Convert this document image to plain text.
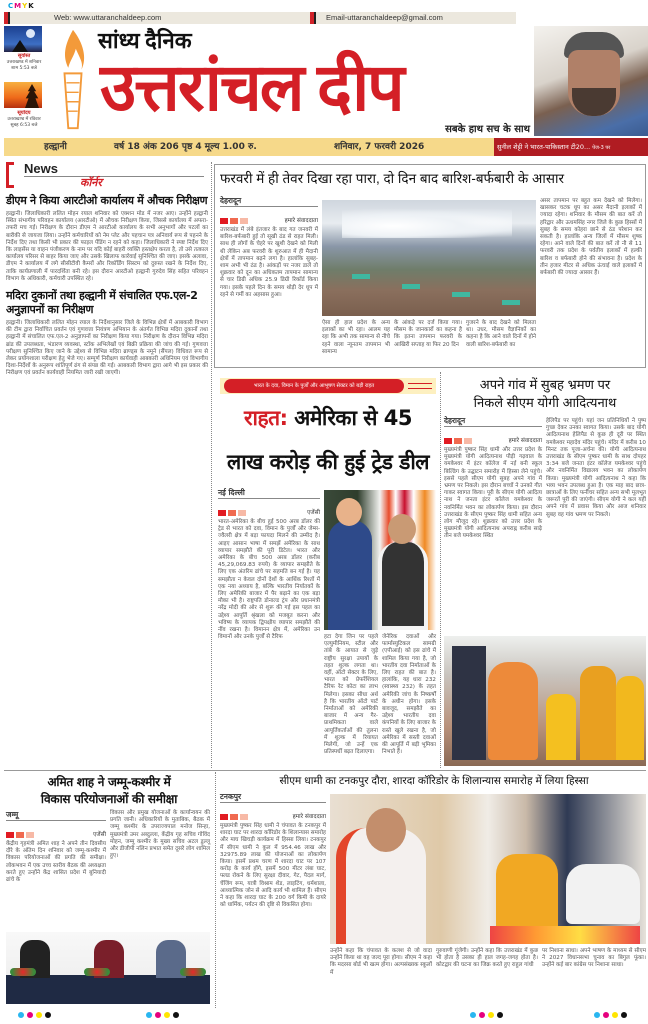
CMYK
Web: www.uttaranchaldeep.com	Email-uttaranchaldeep@gmail.com
सूर्यास्त
उत्तराखण्ड में शनिवार
शाम 5:53 बजे
सूर्योदय
उत्तराखण्ड में रविवार
सुबह 6:53 बजे
सांध्य दैनिक
उत्तरांचल दीप
सबके हाथ सच के साथ
हल्द्वानी	वर्ष 18 अंक 206 पृष्ठ 4 मूल्य 1.00 रु.	शनिवार, 7 फरवरी 2026	सुनील शेट्टी ने भारत-पाकिस्तान टी20... पेज-3 पर
News
कॉर्नर
डीएम ने किया आरटीओ कार्यालय में औचक निरीक्षण
हल्द्वानी। जिलाधिकारी ललित मोहन रयाल शनिवार को एक्शन मोड में नजर आए। उन्होंने हल्द्वानी स्थित संभागीय परिवहन कार्यालय (आरटीओ) में औचक निरीक्षण किया, जिससे कार्यालय में अफरा-तफरी मच गई। निरीक्षण के दौरान डीएम ने आरटीओ कार्यालय के सभी अनुभागों और पटलों का बारीकी से जायजा लिया। उन्होंने कर्मचारियों को नेम प्लेट और पहचान पत्र अनिवार्य रूप से पहनने के निर्देश दिए तथा किसी भी प्रकार की फाइल पेंडिंग न रहने को कहा। जिलाधिकारी ने स्पष्ट निर्देश दिए कि लाइसेंस या वाहन पंजीकरण के नाम पर यदि कोई बाहरी व्यक्ति हस्तक्षेप करता है, तो उसे तत्काल कार्यालय परिसर से बाहर किया जाए और उसके खिलाफ कार्रवाई सुनिश्चित की जाए। इसके अलावा, डीएम ने कार्यालय में लगे सीसीटीवी कैमरों और रिकॉर्डिंग सिस्टम को दुरुस्त रखने के निर्देश दिए, ताकि कार्यप्रणाली में पारदर्शिता बनी रहे। इस दौरान आरटीओ हल्द्वानी गुरुदेव सिंह सहित परिवहन विभाग के अधिकारी, कर्मचारी उपस्थित रहे।
मदिरा दुकानों तथा हल्द्वानी में संचालित एफ.एल-2 अनुज्ञापनों का निरीक्षण
हल्द्वानी। जिलाधिकारी ललित मोहन रयाल के निर्देशानुसार जिले के विभिन्न क्षेत्रों में आबकारी विभाग की टीम द्वारा निर्वाचित प्रवर्तन एवं गुणवत्ता नियंत्रण अभियान के अंतर्गत विभिन्न मदिरा दुकानों तथा हल्द्वानी में संचालित एफ.एल-2 अनुज्ञापनों का निरीक्षण किया गया। निरीक्षण के दौरान विभिन्न मदिरा ब्रांड की उपलब्धता, भंडारण व्यवस्था, स्टॉक अभिलेखों एवं बिक्री प्रक्रिया की जांच की गई। गुणवत्ता परीक्षण सुनिश्चित किए जाने के उद्देश्य से विभिन्न मदिरा ब्राण्ड्स के नमूने (सैंपल) विधिवत रूप से लेकर प्रयोगशाला परीक्षण हेतु भेजे गए। सम्पूर्ण निरीक्षण कार्यवाही आबकारी अधिनियम एवं विभागीय दिशा-निर्देशों के अनुरूप शांतिपूर्ण ढंग से संपन्न की गई। आबकारी विभाग द्वारा आगे भी इस प्रकार की निरीक्षण एवं प्रवर्तन कार्यवाही नियमित जारी रखी जाएगी।
फरवरी में ही तेवर दिखा रहा पारा, दो दिन बाद बारिश-बर्फबारी के आसार
देहरादून
हमारे संवाददाता
उत्तराखंड में लंबे इंतजार के बाद गत जनवरी में बारिश-बर्फबारी हुई तो सूखी ठंड से राहत मिली। साथ ही लोगों के चेहरे पर खुशी देखने को मिली थी लेकिन अब फरवरी के शुरुआत में ही मैदानी क्षेत्रों में तापमान बढ़ने लगा है। हालांकि सुबह-शाम अभी भी ठंड है। आंकड़ों पर नजर डालें तो शुक्रवार को दून का अधिकतम तापमान सामान्य से चार डिग्री अधिक 25.9 डिग्री रिकॉर्ड किया गया। इसके पहले दिन के समय थोड़ी देर धूप में रहने से गर्मी का अहसास हुआ।
असर तापमान पर बहुत कम देखने को मिलेगा। खासकर चटक धूप का असर मैदानी इलाकों में ज्यादा रहेगा। शनिवार के मौसम की बात करें तो हरिद्वार और ऊधमसिंह नगर जिले के कुछ हिस्सों में सुबह के समय कोहरा छाने से ठंड परेशान कर सकती है। हालांकि अन्य जिलों में मौसम शुष्क रहेगा। आने वाले दिनों की बात करें तो नौ से 11 फरवरी तक प्रदेश के पर्वतीय इलाकों में हल्की बारिश व बर्फबारी होने की संभावना है। प्रदेश के तीन हजार मीटर से अधिक ऊंचाई वाले इलाकों में बर्फबारी की ज्यादा आसार हैं।
ऐसा ही हाल प्रदेश के अन्य इलाकों का भी रहा। आलम यह रहा कि अभी तक सामान्य से नीचे रहने वाला न्यूनतम तापमान भी सामान्य
के आंकड़े पर दर्ज किया गया। मौसम के जानकारों का कहना है कि इतना तापमान फरवरी के आखिरी सप्ताह या फिर 20 दिन
गुजरने के बाद देखने को मिलता था। उधर, मौसम वैज्ञानिकों का कहना है कि आने वाले दिनों में होने वाली बारिश-बर्फबारी का
भारत के दवा, विमान के पुर्जों और आभूषण सेक्टर को बड़ी राहत
राहत: अमेरिका से 45
लाख करोड़ की हुई ट्रेड डील
नई दिल्ली
एजेंसी
भारत-अमेरिका के बीच हुई 500 अरब डॉलर की ट्रेड से भारत को दवा, विमान के पुर्जों और जेम्स-ज्वैलरी क्षेत्र में बड़ा फायदा मिलने की उम्मीद है। आइए आसान भाषा में समझें अमेरिका के साथ व्यापार समझौते की पूरी डिटेल। भारत और अमेरिका के बीच 500 अरब डॉलर (करीब 45,29,069.83 रुपये) के व्यापार समझौते के लिए एक अंतरिम ढांचे पर सहमति बन गई है। यह समझौता न केवल दोनों देशों के आर्थिक रिश्तों में एक नया अध्याय है, बल्कि भारतीय निर्यातकों के लिए अमेरिकी बाजार में पैर बढ़ाने का एक बड़ा मौका भी है। राष्ट्रपति डोनाल्ड ट्रंप और प्रधानमंत्री नरेंद्र मोदी की ओर से शुरू की गई इस पहल का उद्देश्य आपूर्ति श्रृंखला को मजबूत करना और भविष्य के व्यापक द्विपक्षीय व्यापार समझौते की नींव रखना है। विमानन क्षेत्र में, अमेरिका उन विमानों और उनके पुर्जों से टैरिफ	हटा देगा जिन पर पहले एल्युमीनियम, स्टील और तांबे के आयात से जुड़े राष्ट्रीय सुरक्षा उपायों के तहत शुल्क लगता था। वहीं, ऑटो सेक्टर के लिए, भारत को प्रेफरेंशियल टैरिफ रेट कोटा का लाभ मिलेगा। इसका सीधा अर्थ है कि भारतीय ऑटो पार्ट निर्माताओं को अमेरिकी बाजार में अन्य गैर-प्राथमिकता वाले आपूर्तिकर्ताओं की तुलना में शुल्क में रियायत मिलेगी, जो उन्हें एक प्रतिस्पर्धी बढ़त दिलाएगा।
जेनेरिक दवाओं और फार्मास्युटिकल सामग्री (एपीआई) को इस ढांचे में शामिल किया गया है, जो भारतीय दवा निर्माताओं के लिए राहत की बात है। हालांकि, यह धारा 232 (स्वास्थ्य 232) के तहत अमेरिकी जांच के निष्कर्षों के अधीन होगा। इसके बावजूद, समझौते का उद्देश्य भारतीय दवा कंपनियों के लिए बाजार के रास्ते खुले रखना है, जो अमेरिका में सस्ती दवाओं की आपूर्ति में बड़ी भूमिका निभाते हैं।
अपने गांव में सुबह भ्रमण पर
निकले सीएम योगी आदित्यनाथ
देहरादून
हमारे संवाददाता
मुख्यमंत्री पुष्कर सिंह धामी और उत्तर प्रदेश के मुख्यमंत्री योगी आदित्यनाथ पौड़ी गढ़वाल के यमकेश्वर में इंटर कॉलेज में नई बनी स्कूल बिल्डिंग के उद्घाटन समारोह में हिस्सा लेने पहुंचे। इससे पहले सीएम योगी सुबह अपने गांव में भ्रमण पर निकले। इस दौरान बच्चों ने उनको गीत गाकर स्वागत किया। पूरी के सीएम योगी आदित्य नाथ ने जनता इंटर कॉलेज यमकेश्वर के नवनिर्मित भवन का लोकार्पण किया। इस दौरान उत्तराखंड के सीएम पुष्कर सिंह धामी सहित अन्य लोग मौजूद रहे। शुक्रवार को उत्तर प्रदेश के मुख्यमंत्री योगी आदित्यनाथ अपराह्न करीब साढ़े तीन बजे यमकेश्वर स्थित
हेलिपैड पर पहुंचे। यहां जन प्रतिनिधियों ने पुष्प गुच्छ देकर उनका स्वागत किया। उसके बाद योगी आदित्यनाथ हेलिपैड से कुछ ही दूरी पर स्थित यमकेश्वर महादेव मंदिर पहुंचे। मंदिर में करीब 10 मिनट तक पूजा-अर्चना की। योगी आदित्यनाथ उत्तराखंड के सीएम पुष्कर धामी के साथ दोपहर 3:34 बजे जनता इंटर कॉलेज यमकेश्वर पहुंचे और नवनिर्मित विद्यालय भवन का लोकार्पण किया। मुख्यमंत्री योगी आदित्यनाथ ने कहा कि भव्य भवन उपलब्ध हुआ है। एक माह बाद छात्र-छात्राओं के लिए फर्नीचर सहित अन्य सभी मूलभूत जरूरतें पूरी की जाएंगी। सीएम योगी ने कल यहीं अपने गांव में प्रवास किया और आज शनिवार सुबह वह गांव भ्रमण पर निकले।
अमित शाह ने जम्मू-कश्मीर में
विकास परियोजनाओं की समीक्षा
जम्मू
एजेंसी
केंद्रीय गृहमंत्री अमित शाह ने अपने तीन दिवसीय दौरे के अंतिम दिन शनिवार को जम्मू-कश्मीर में विकास परियोजनाओं की प्रगति की समीक्षा। लोकभवन में एक उच्च स्तरीय बैठक की अध्यक्षता करते हुए उन्होंने केंद्र शासित प्रदेश में बुनियादी ढांचे के
विकास और प्रमुख योजनाओं के कार्यान्वयन की प्रगति जानी। अधिकारियों के मुताबिक, बैठक में जम्मू कश्मीर के उपराज्यपाल मनोज सिन्हा, मुख्यमंत्री उमर अब्दुल्ला, केंद्रीय गृह सचिव गोविंद मोहन, जम्मू कश्मीर के मुख्य सचिव अटल डुल्लू और डीजीपी नलिन प्रभात समेत दूसरे लोग शामिल हुए।
सीएम धामी का टनकपुर दौरा, शारदा कॉरिडोर के शिलान्यास समारोह में लिया हिस्सा
टनकपुर
हमारे संवाददाता
मुख्यमंत्री पुष्कर सिंह धामी ने चंपावत के टनकपुर में शारदा घाट पर शारदा कॉरिडोर के शिलान्यास समारोह और माघ खिचड़ी कार्यक्रम में हिस्सा लिया। टनकपुर में सीएम धामी ने कुल में 954.46 लाख और 32975.89 लाख की योजनाओं का लोकार्पण किया। इसमें प्रथम चरण में शारदा घाट पर 107 करोड़ के कार्य होंगे, इसमें 500 मीटर लंबा घाट, फ्लड रोकने के लिए सुरक्षा दीवार, गेट, पैदल मार्ग, चेंजिंग रूम, यात्री विश्राम शेड, लाइटिंग, धर्मशाला, आध्यात्मिक जोन से आदि कार्य भी शामिल हैं। सीएम ने कहा कि शारदा घाट के 200 वर्ग किमी के दायरे को धार्मिक, पर्यटन की दृष्टि से विकसित होगा।
उन्होंने कहा कि चंपावत के कलश से जो वादा उन्होंने किया था वह जल्द पूरा होगा। सीएम ने कहा कि मदरसा बोर्ड भी खत्म होगा। अल्पसंख्यक स्कूलों में
गुरुवाणी गूंजेगी। उन्होंने कहा कि उत्तराखंड में कुछ भी होता है उसका ही हाल जगह-जगह होता है। कोटद्वार की घटना का जिक्र करते हुए राहुल गांधी
पर निशाना साधा। अपने भाषण के माध्यम से सीएम ने 2027 विधानसभा चुनाव का बिगुल फूंका। उन्होंने कई बार कांग्रेस पर निशाना साधा।
